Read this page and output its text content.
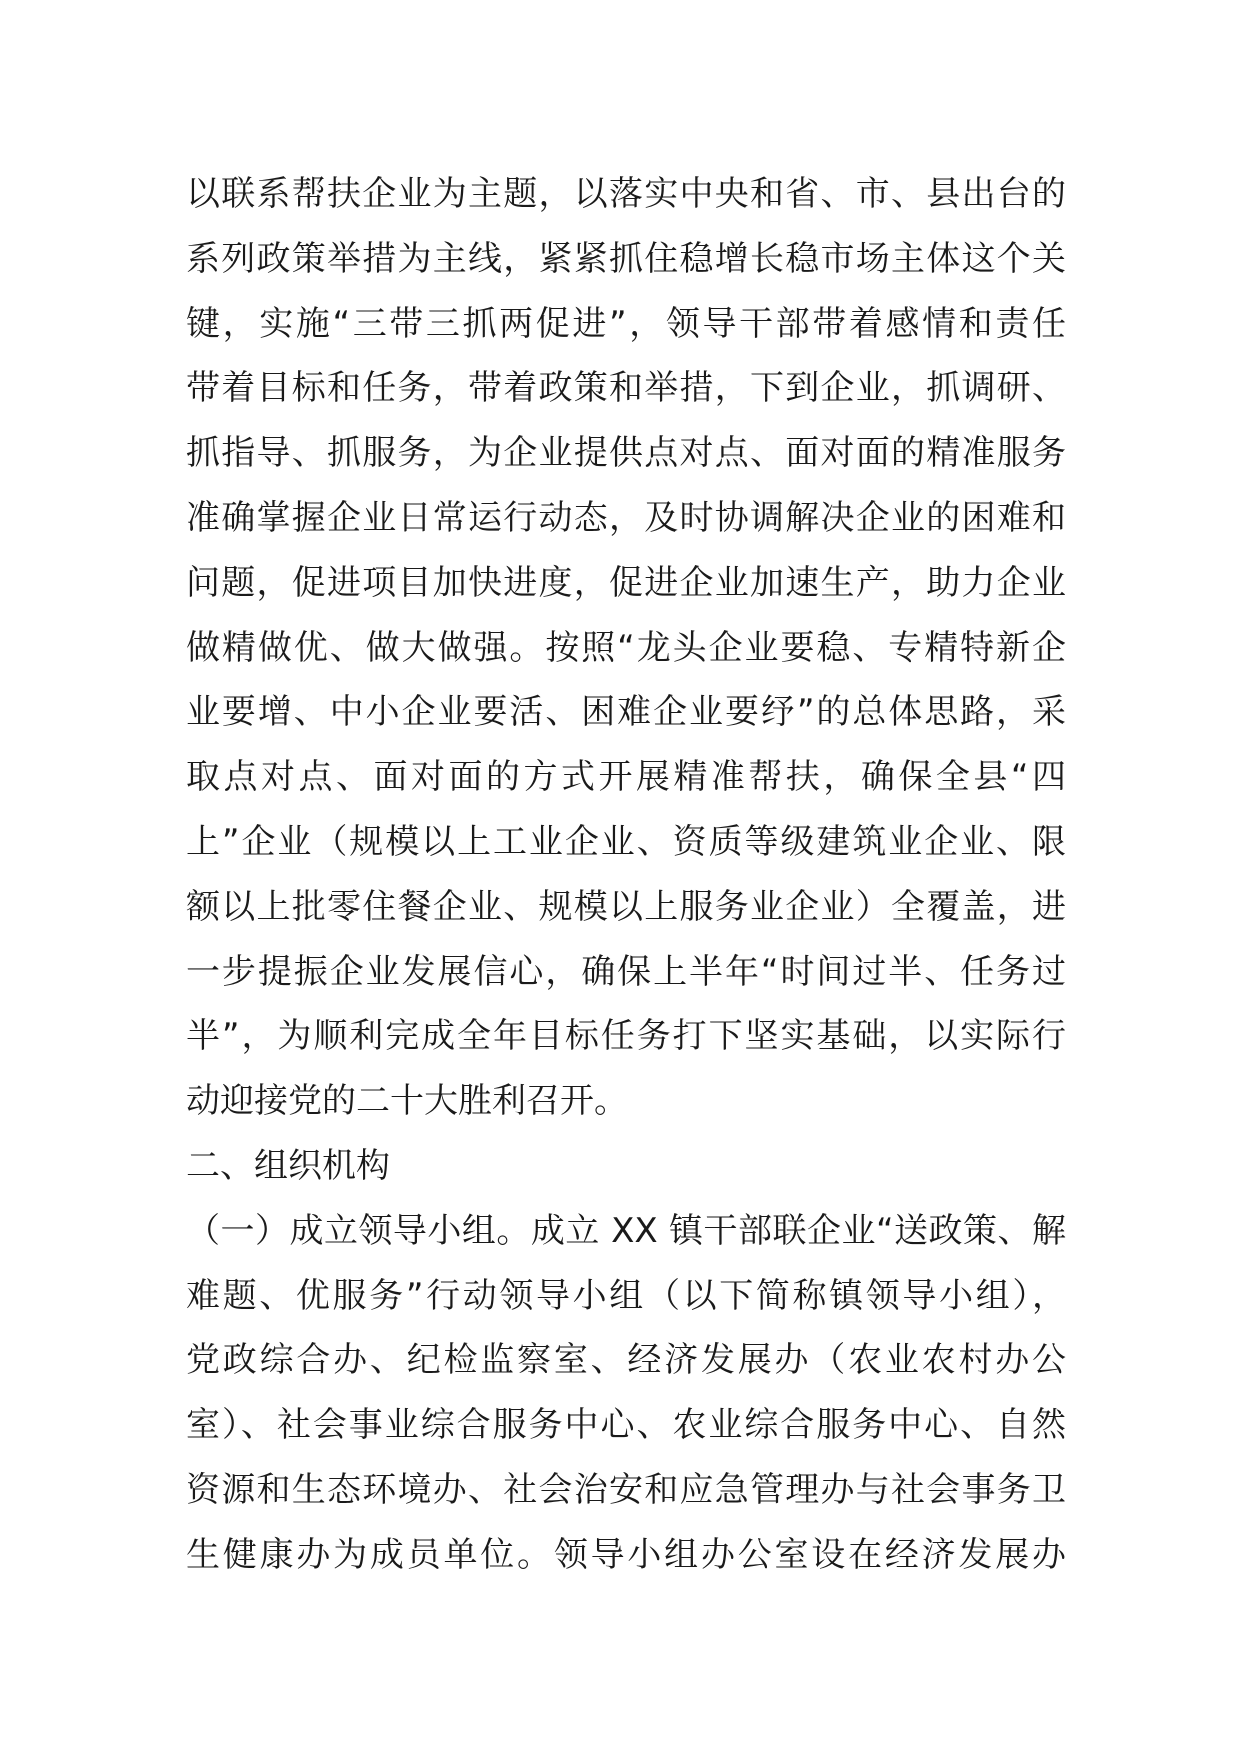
以联系帮扶企业为主题，以落实中央和省、市、县出台的
系列政策举措为主线，紧紧抓住稳增长稳市场主体这个关
键，实施“三带三抓两促进”，领导干部带着感情和责任
带着目标和任务，带着政策和举措，下到企业，抓调研、
抓指导、抓服务，为企业提供点对点、面对面的精准服务
准确掌握企业日常运行动态，及时协调解决企业的困难和
问题，促进项目加快进度，促进企业加速生产，助力企业
做精做优、做大做强。按照“龙头企业要稳、专精特新企
业要增、中小企业要活、困难企业要纾”的总体思路，采
取点对点、面对面的方式开展精准帮扶，确保全县“四
上”企业（规模以上工业企业、资质等级建筑业企业、限
额以上批零住餐企业、规模以上服务业企业）全覆盖，进
一步提振企业发展信心，确保上半年“时间过半、任务过
半”，为顺利完成全年目标任务打下坚实基础，以实际行
动迎接党的二十大胜利召开。
二、组织机构
（一）成立领导小组。成立 XX 镇干部联企业“送政策、解
难题、优服务”行动领导小组（以下简称镇领导小组），
党政综合办、纪检监察室、经济发展办（农业农村办公
室）、社会事业综合服务中心、农业综合服务中心、自然
资源和生态环境办、社会治安和应急管理办与社会事务卫
生健康办为成员单位。领导小组办公室设在经济发展办
